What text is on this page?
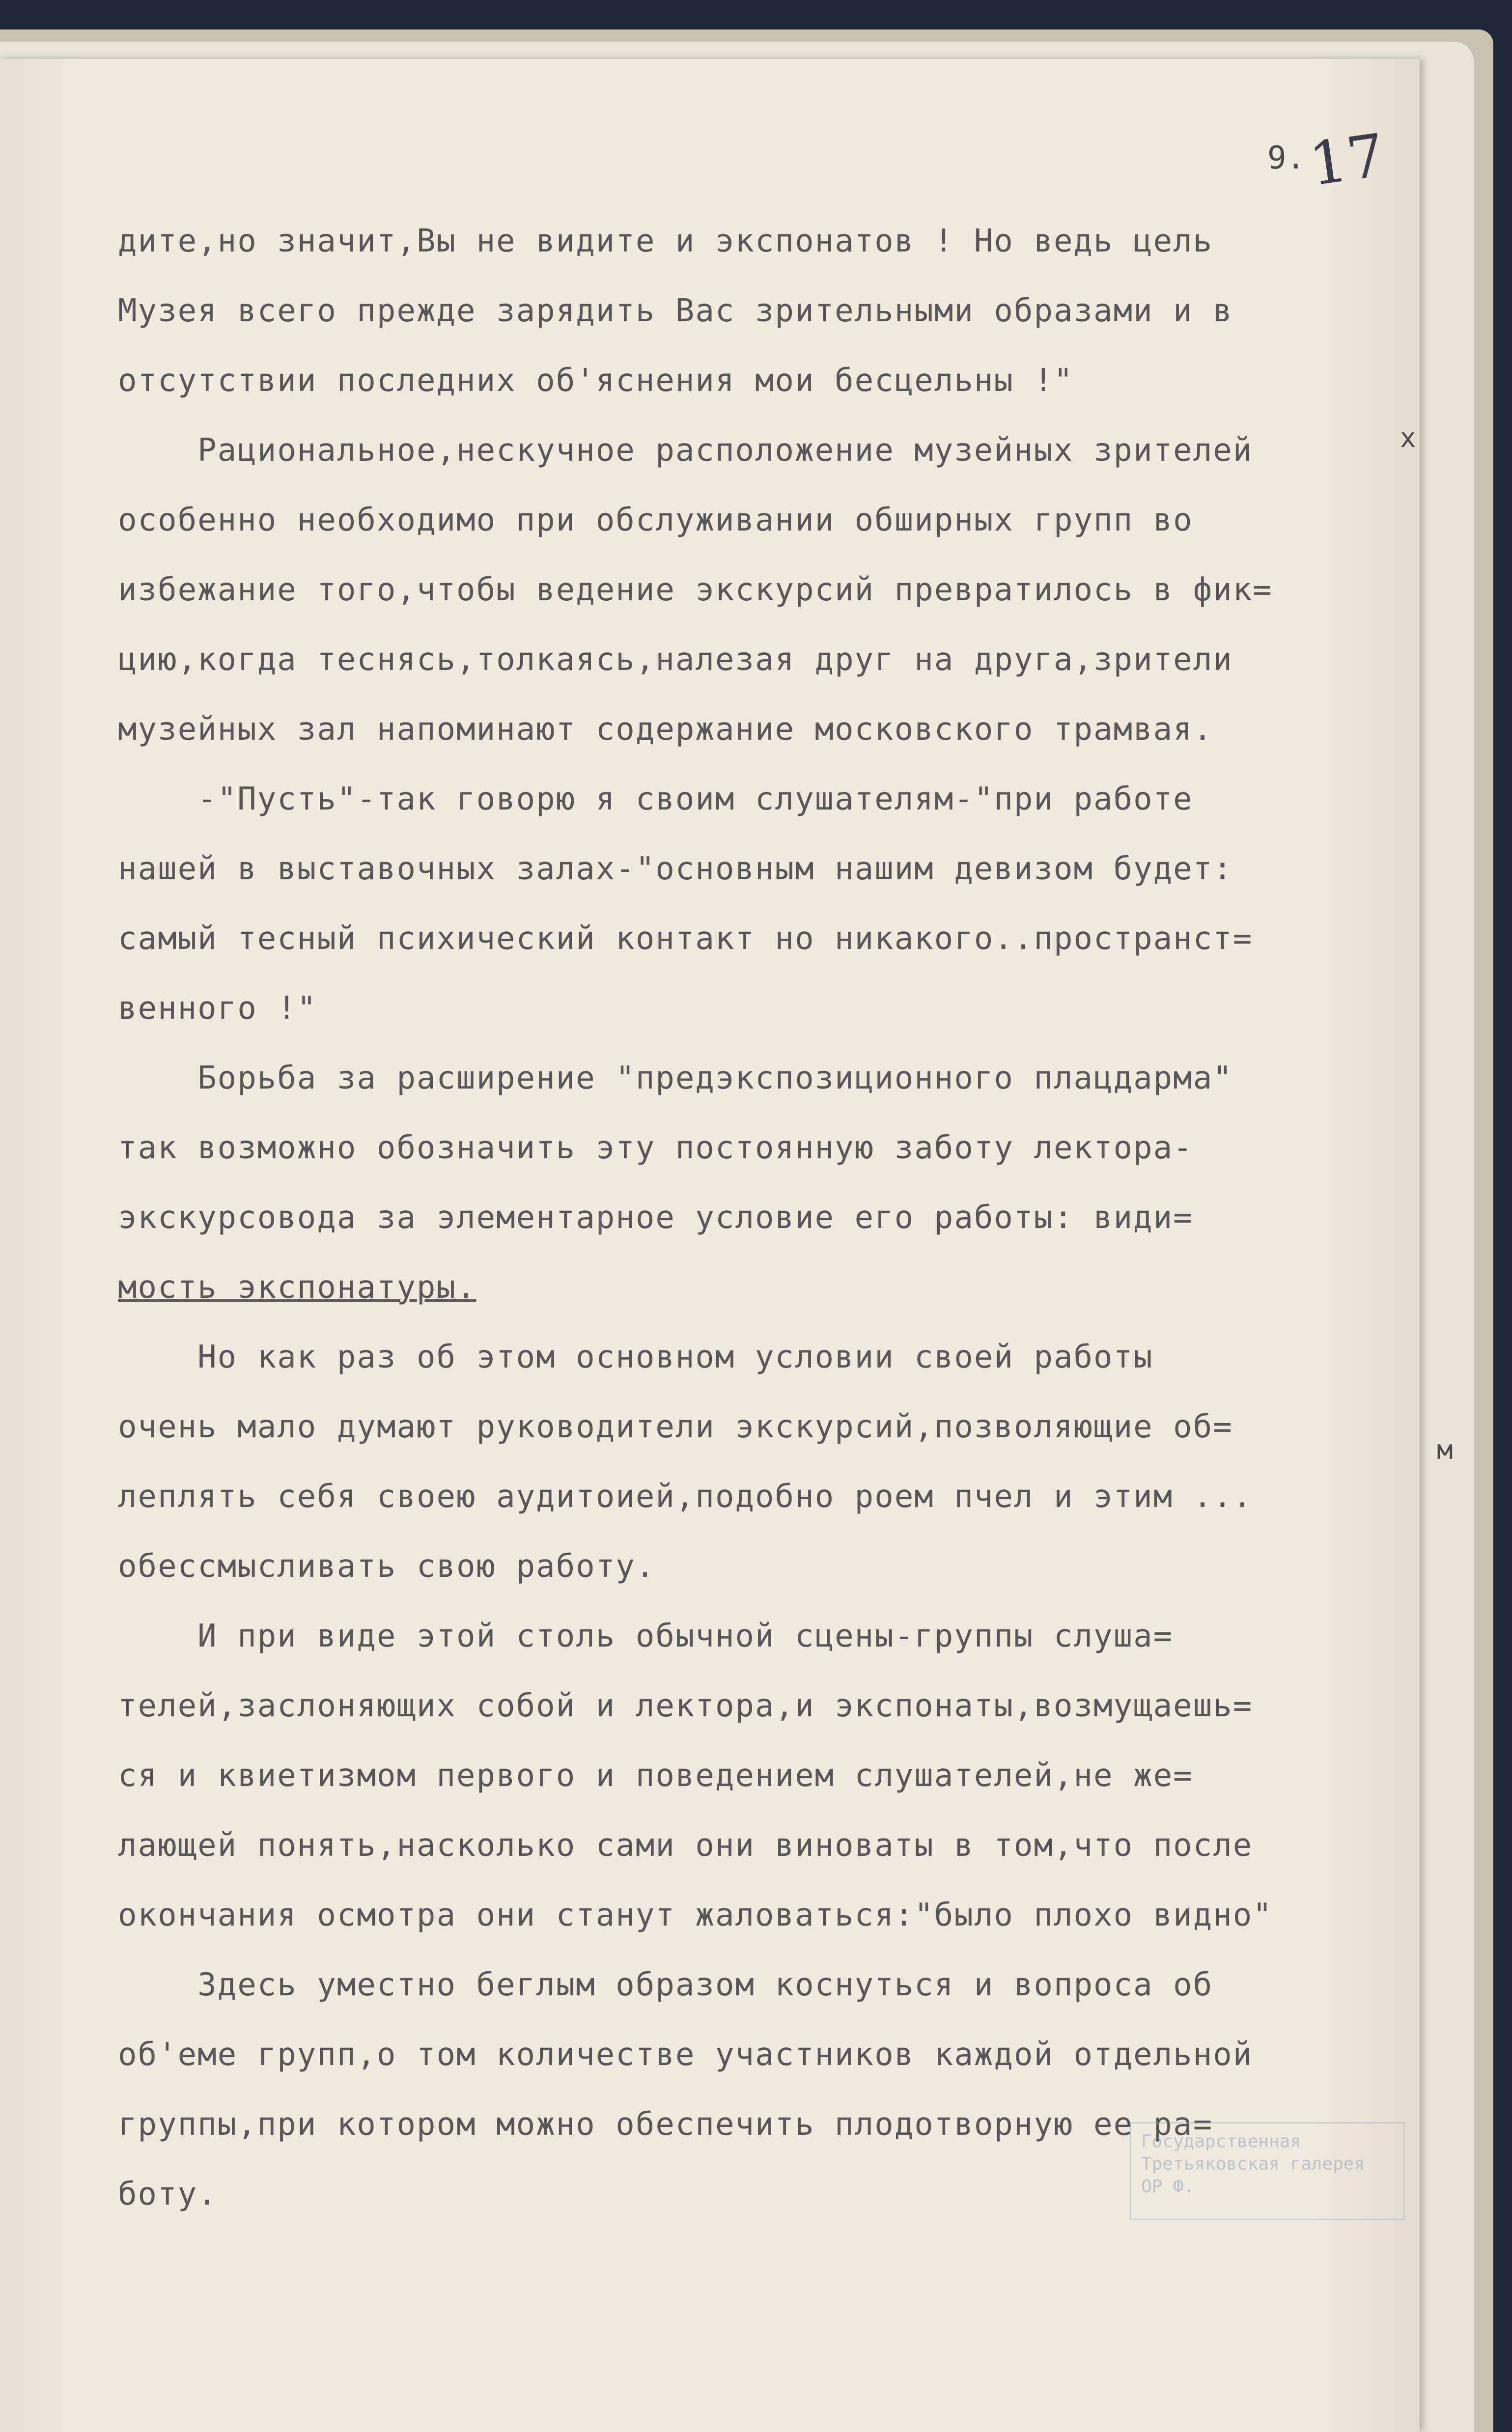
9. 17
дите,но значит,Вы не видите и экспонатов ! Но ведь цель
Музея всего прежде зарядить Вас зрительными образами и в
отсутствии последних об'яснения мои бесцельны !"
Рациональное,нескучное расположение музейных зрителей
особенно необходимо при обслуживании обширных групп во
избежание того,чтобы ведение экскурсий превратилось в фик=
цию,когда теснясь,толкаясь,налезая друг на друга,зрители
музейных зал напоминают содержание московского трамвая.
-"Пусть"-так говорю я своим слушателям-"при работе
нашей в выставочных залах-"основным нашим девизом будет:
самый тесный психический контакт но никакого..пространст=
венного !"
Борьба за расширение "предэкспозиционного плацдарма"
так возможно обозначить эту постоянную заботу лектора-
экскурсовода за элементарное условие его работы: види=
мость экспонатуры.
Но как раз об этом основном условии своей работы
очень мало думают руководители экскурсий,позволяющие об=
леплять себя своею аудитоией,подобно роем пчел и этим ...
обессмысливать свою работу.
И при виде этой столь обычной сцены-группы слуша=
телей,заслоняющих собой и лектора,и экспонаты,возмущаешь=
ся и квиетизмом первого и поведением слушателей,не же=
лающей понять,насколько сами они виноваты в том,что после
окончания осмотра они станут жаловаться:"было плохо видно"
Здесь уместно беглым образом коснуться и вопроса об
об'еме групп,о том количестве участников каждой отдельной
группы,при котором можно обеспечить плодотворную ее ра=
боту.
x
м
Государственная
Третьяковская галерея
ОР Ф.
